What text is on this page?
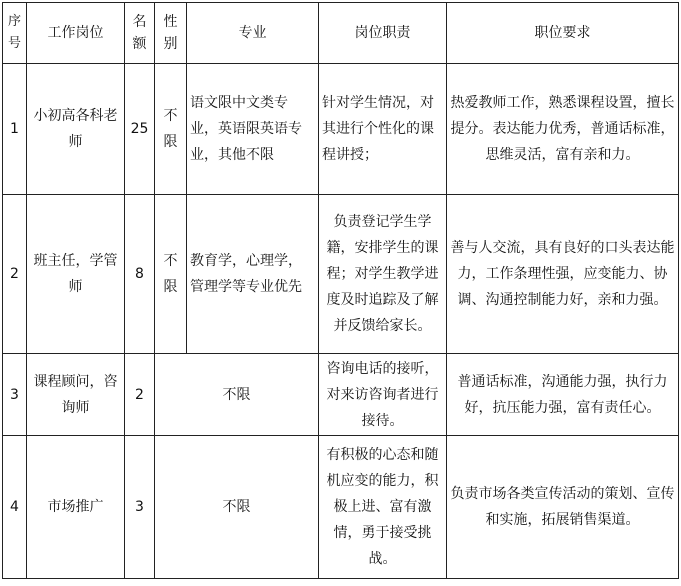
序号	工作岗位	名额	性别	专业	岗位职责	职位要求
1	小初高各科老师	25	不限	语文限中文类专业，英语限英语专业，其他不限	针对学生情况，对其进行个性化的课程讲授；	热爱教师工作，熟悉课程设置，擅长提分。表达能力优秀，普通话标准，思维灵活，富有亲和力。
2	班主任，学管师	8	不限	教育学，心理学，管理学等专业优先	负责登记学生学籍，安排学生的课程；对学生教学进度及时追踪及了解并反馈给家长。	善与人交流，具有良好的口头表达能力，工作条理性强，应变能力、协调、沟通控制能力好，亲和力强。
3	课程顾问，咨询师	2	不限		咨询电话的接听，对来访咨询者进行接待。	普通话标准，沟通能力强，执行力好，抗压能力强，富有责任心。
4	市场推广	3	不限		有积极的心态和随机应变的能力，积极上进、富有激情，勇于接受挑战。	负责市场各类宣传活动的策划、宣传和实施，拓展销售渠道。
